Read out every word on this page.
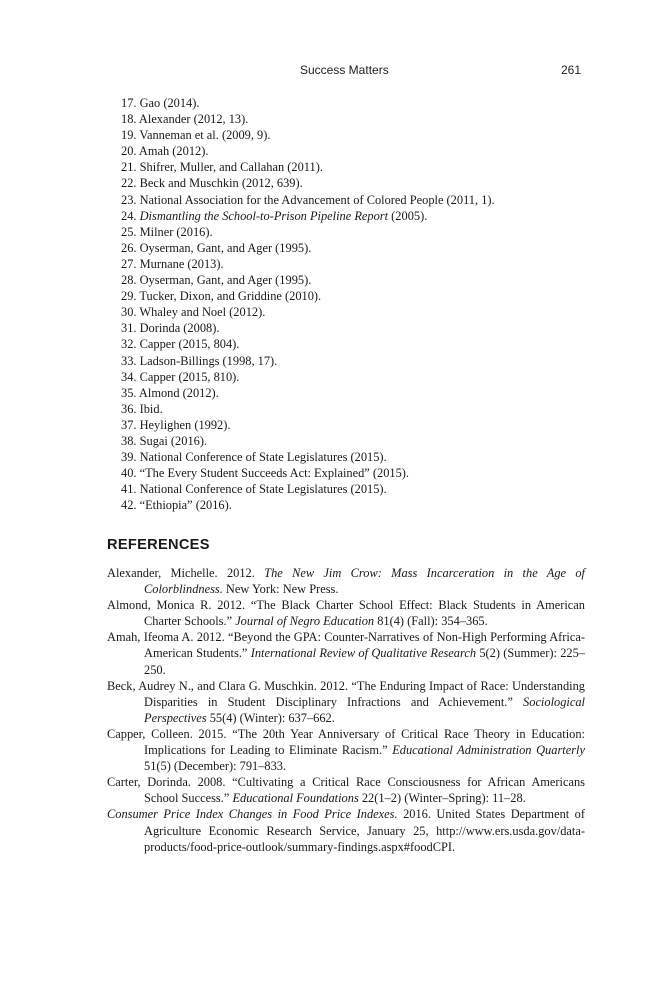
Success Matters	261
17. Gao (2014).
18. Alexander (2012, 13).
19. Vanneman et al. (2009, 9).
20. Amah (2012).
21. Shifrer, Muller, and Callahan (2011).
22. Beck and Muschkin (2012, 639).
23. National Association for the Advancement of Colored People (2011, 1).
24. Dismantling the School-to-Prison Pipeline Report (2005).
25. Milner (2016).
26. Oyserman, Gant, and Ager (1995).
27. Murnane (2013).
28. Oyserman, Gant, and Ager (1995).
29. Tucker, Dixon, and Griddine (2010).
30. Whaley and Noel (2012).
31. Dorinda (2008).
32. Capper (2015, 804).
33. Ladson-Billings (1998, 17).
34. Capper (2015, 810).
35. Almond (2012).
36. Ibid.
37. Heylighen (1992).
38. Sugai (2016).
39. National Conference of State Legislatures (2015).
40. “The Every Student Succeeds Act: Explained” (2015).
41. National Conference of State Legislatures (2015).
42. “Ethiopia” (2016).
REFERENCES
Alexander, Michelle. 2012. The New Jim Crow: Mass Incarceration in the Age of Colorblindness. New York: New Press.
Almond, Monica R. 2012. “The Black Charter School Effect: Black Students in American Charter Schools.” Journal of Negro Education 81(4) (Fall): 354–365.
Amah, Ifeoma A. 2012. “Beyond the GPA: Counter-Narratives of Non-High Performing Africa-American Students.” International Review of Qualitative Research 5(2) (Summer): 225–250.
Beck, Audrey N., and Clara G. Muschkin. 2012. “The Enduring Impact of Race: Understanding Disparities in Student Disciplinary Infractions and Achievement.” Sociological Perspectives 55(4) (Winter): 637–662.
Capper, Colleen. 2015. “The 20th Year Anniversary of Critical Race Theory in Education: Implications for Leading to Eliminate Racism.” Educational Administration Quarterly 51(5) (December): 791–833.
Carter, Dorinda. 2008. “Cultivating a Critical Race Consciousness for African Americans School Success.” Educational Foundations 22(1–2) (Winter–Spring): 11–28.
Consumer Price Index Changes in Food Price Indexes. 2016. United States Department of Agriculture Economic Research Service, January 25, http://www.ers.usda.gov/data-products/food-price-outlook/summary-findings.aspx#foodCPI.
